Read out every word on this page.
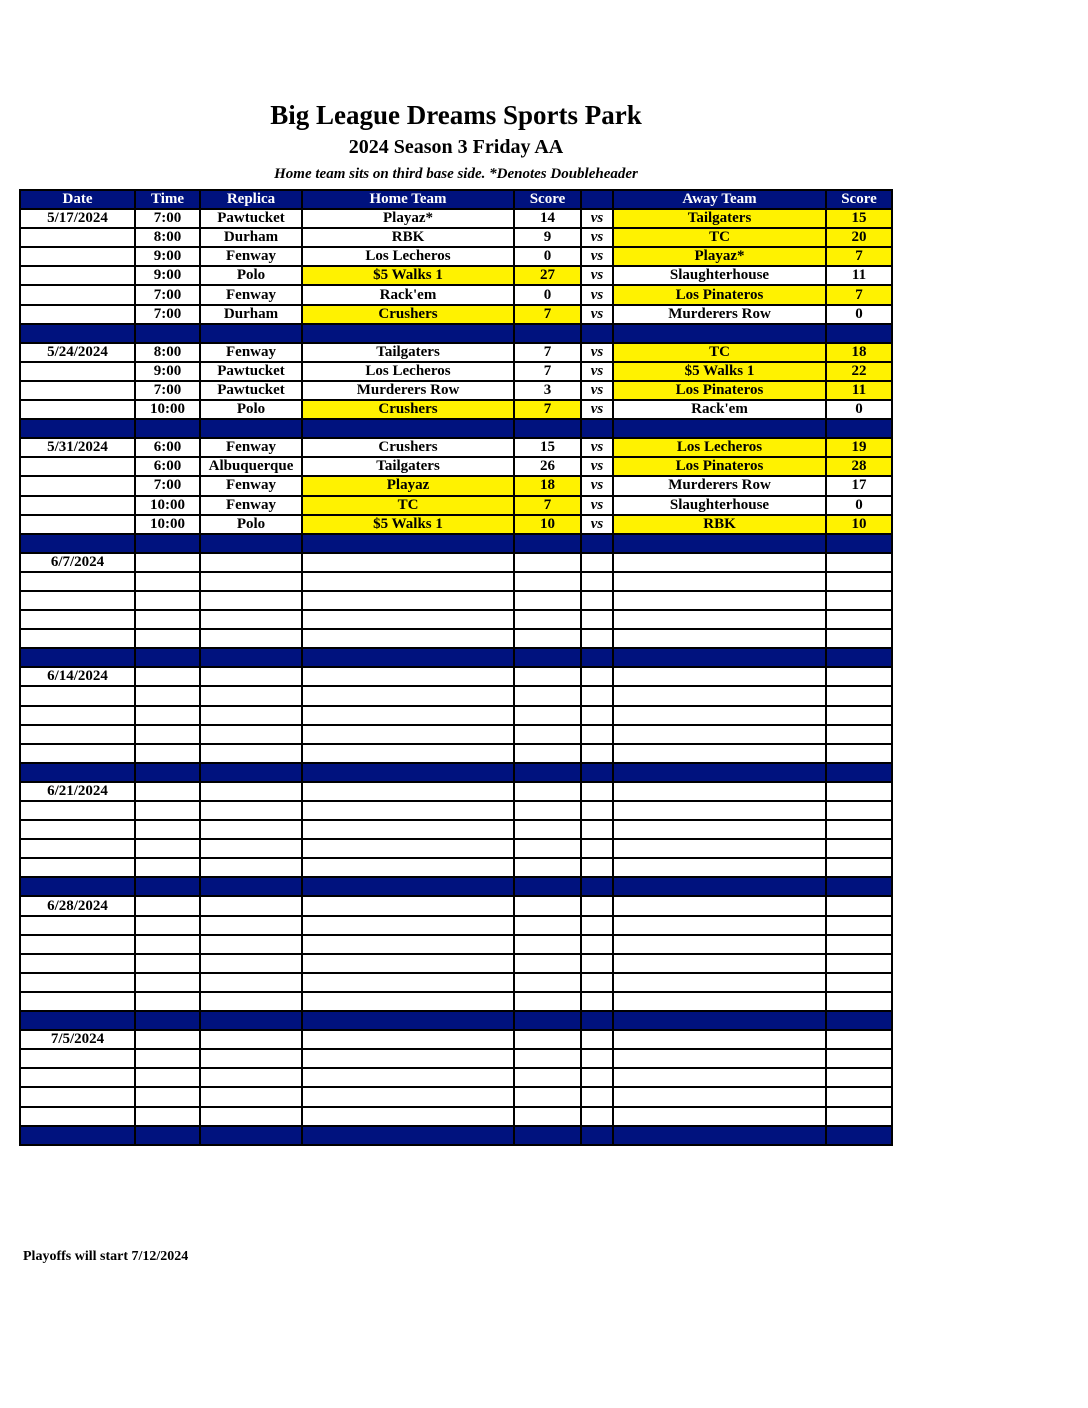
Big League Dreams Sports Park
2024 Season 3 Friday AA
Home team sits on third base side. *Denotes Doubleheader
Date	Time	Replica	Home Team	Score		Away Team	Score
5/17/2024	7:00	Pawtucket	Playaz*	14	vs	Tailgaters	15
	8:00	Durham	RBK	9	vs	TC	20
	9:00	Fenway	Los Lecheros	0	vs	Playaz*	7
	9:00	Polo	$5 Walks 1	27	vs	Slaughterhouse	11
	7:00	Fenway	Rack'em	0	vs	Los Pinateros	7
	7:00	Durham	Crushers	7	vs	Murderers Row	0

5/24/2024	8:00	Fenway	Tailgaters	7	vs	TC	18
	9:00	Pawtucket	Los Lecheros	7	vs	$5 Walks 1	22
	7:00	Pawtucket	Murderers Row	3	vs	Los Pinateros	11
	10:00	Polo	Crushers	7	vs	Rack'em	0

5/31/2024	6:00	Fenway	Crushers	15	vs	Los Lecheros	19
	6:00	Albuquerque	Tailgaters	26	vs	Los Pinateros	28
	7:00	Fenway	Playaz	18	vs	Murderers Row	17
	10:00	Fenway	TC	7	vs	Slaughterhouse	0
	10:00	Polo	$5 Walks 1	10	vs	RBK	10

6/7/2024							

6/14/2024							

6/21/2024							

6/28/2024							

7/5/2024							

Playoffs will start 7/12/2024
